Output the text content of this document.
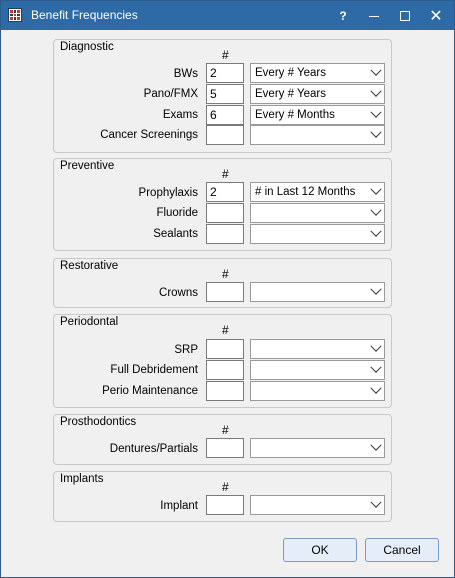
Benefit Frequencies	?	✕
Diagnostic
#
BWs	2	Every # Years
Pano/FMX	5	Every # Years
Exams	6	Every # Months
Cancer Screenings
Preventive
#
Prophylaxis	2	# in Last 12 Months
Fluoride
Sealants
Restorative
#
Crowns
Periodontal
#
SRP
Full Debridement
Perio Maintenance
Prosthodontics
#
Dentures/Partials
Implants
#
Implant
OK	Cancel
